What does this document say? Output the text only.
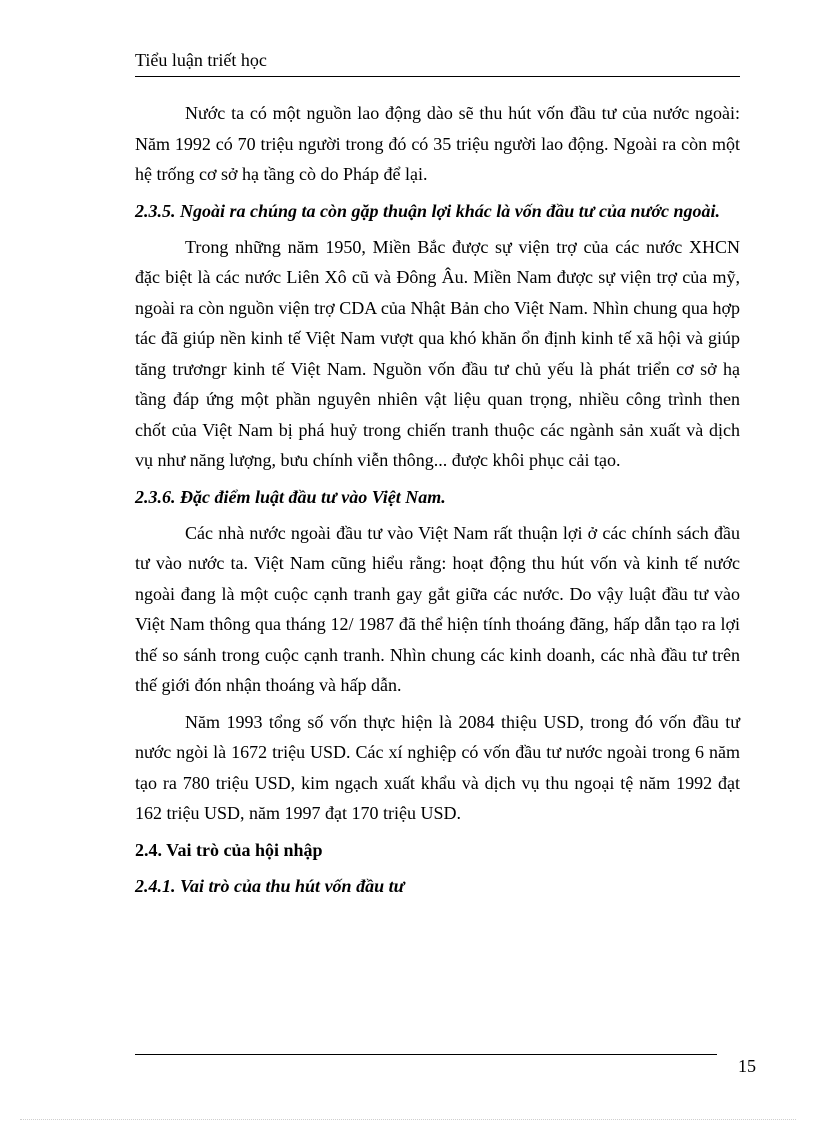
Tiểu luận triết học

Nước ta có một nguồn lao động dào sẽ thu hút vốn đầu tư của nước ngoài: Năm 1992 có 70 triệu người trong đó có 35 triệu người lao động. Ngoài ra còn một hệ trống cơ sở hạ tầng cò do Pháp để lại.

2.3.5. Ngoài ra chúng ta còn gặp thuận lợi khác là vốn đầu tư của nước ngoài.

Trong những năm 1950, Miền Bắc được sự viện trợ của các nước XHCN đặc biệt là các nước Liên Xô cũ và Đông Âu. Miền Nam được sự viện trợ của mỹ, ngoài ra còn nguồn viện trợ CDA của Nhật Bản cho Việt Nam. Nhìn chung qua hợp tác đã giúp nền kinh tế Việt Nam vượt qua khó khăn ổn định kinh tế xã hội và giúp tăng trươngr kinh tế Việt Nam. Nguồn vốn đầu tư chủ yếu là phát triển cơ sở hạ tầng đáp ứng một phần nguyên nhiên vật liệu quan trọng, nhiều công trình then chốt của Việt Nam bị phá huỷ trong chiến tranh thuộc các ngành sản xuất và dịch vụ như năng lượng, bưu chính viễn thông... được khôi phục cải tạo.

2.3.6. Đặc điểm luật đầu tư vào Việt Nam.

Các nhà nước ngoài đầu tư vào Việt Nam rất thuận lợi ở các chính sách đầu tư vào nước ta. Việt Nam cũng hiểu rằng: hoạt động thu hút vốn và kinh tế nước ngoài đang là một cuộc cạnh tranh gay gắt giữa các nước. Do vậy luật đầu tư vào Việt Nam thông qua tháng 12/ 1987 đã thể hiện tính thoáng đãng, hấp dẫn tạo ra lợi thế so sánh trong cuộc cạnh tranh. Nhìn chung các kinh doanh, các nhà đầu tư trên thế giới đón nhận thoáng và hấp dẫn.

Năm 1993 tổng số vốn thực hiện là 2084 thiệu USD, trong đó vốn đầu tư nước ngòi là 1672 triệu USD. Các xí nghiệp có vốn đầu tư nước ngoài trong 6 năm tạo ra 780 triệu USD, kim ngạch xuất khẩu và dịch vụ thu ngoại tệ năm 1992 đạt 162 triệu USD, năm 1997 đạt 170 triệu USD.

2.4. Vai trò của hội nhập
2.4.1. Vai trò của thu hút vốn đầu tư
15
